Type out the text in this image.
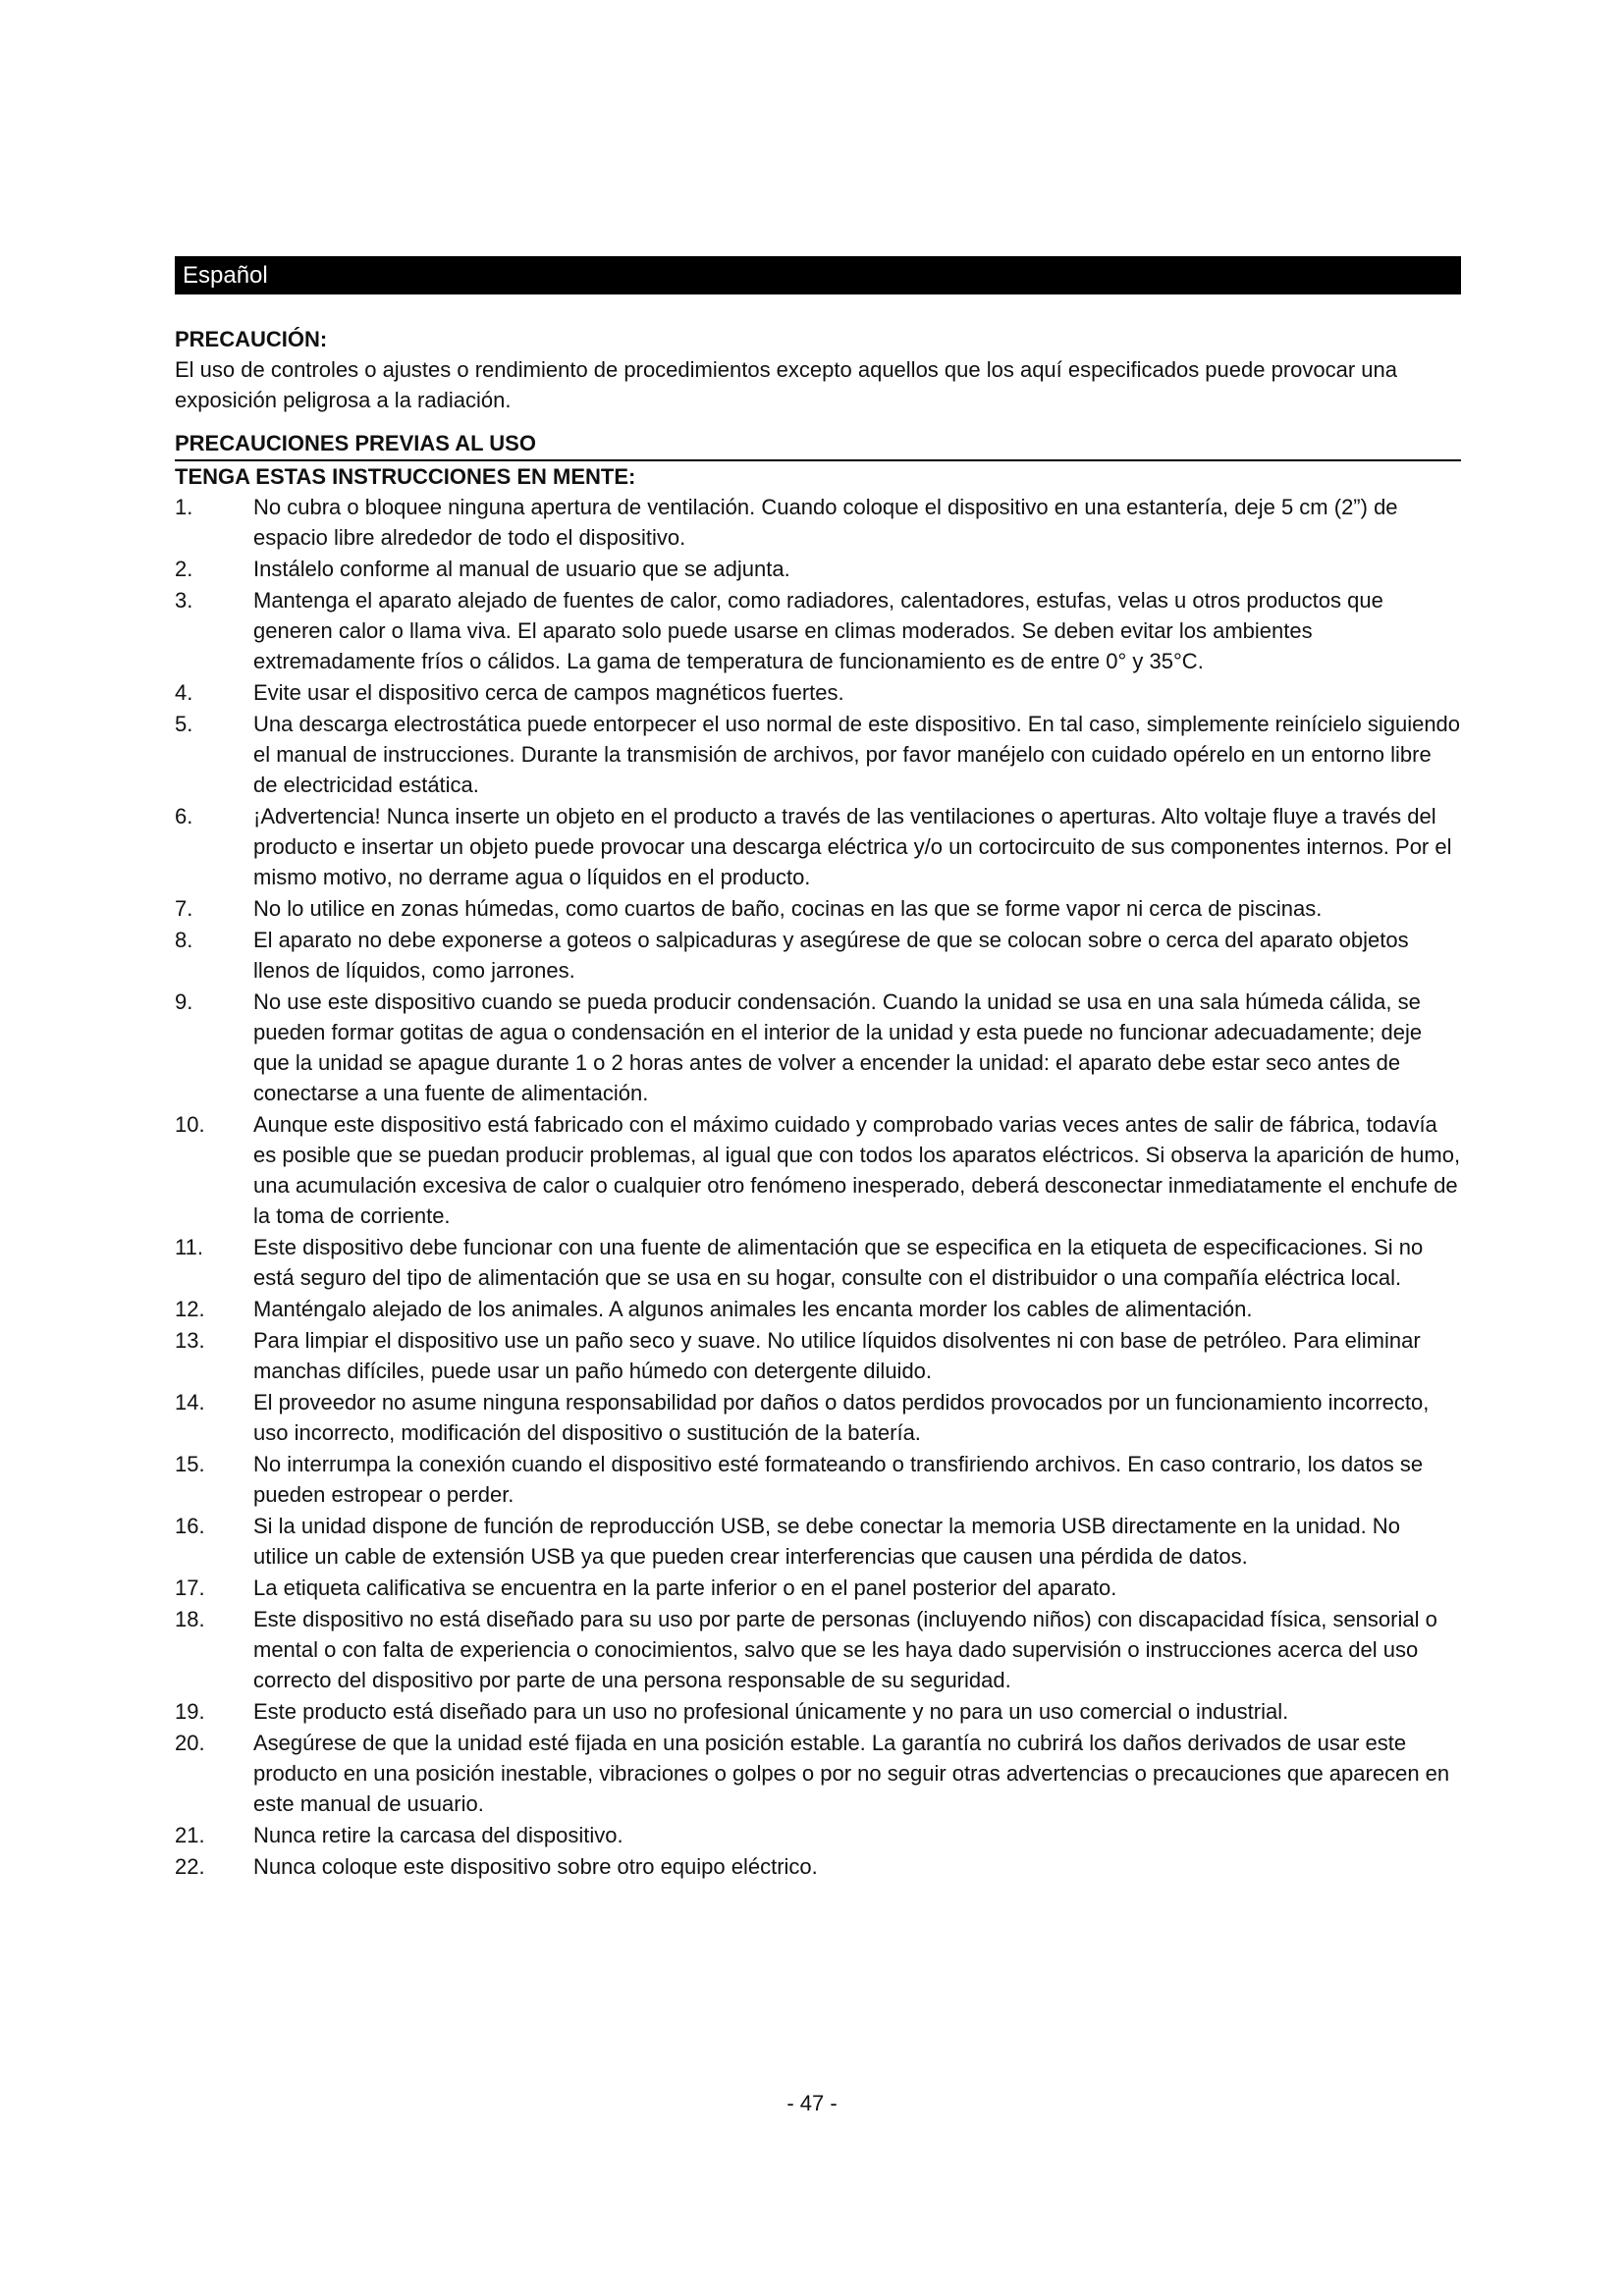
Español
PRECAUCIÓN:
El uso de controles o ajustes o rendimiento de procedimientos excepto aquellos que los aquí especificados puede provocar una exposición peligrosa a la radiación.
PRECAUCIONES PREVIAS AL USO
TENGA ESTAS INSTRUCCIONES EN MENTE:
1.	No cubra o bloquee ninguna apertura de ventilación. Cuando coloque el dispositivo en una estantería, deje 5 cm (2”) de espacio libre alrededor de todo el dispositivo.
2.	Instálelo conforme al manual de usuario que se adjunta.
3.	Mantenga el aparato alejado de fuentes de calor, como radiadores, calentadores, estufas, velas u otros productos que generen calor o llama viva. El aparato solo puede usarse en climas moderados. Se deben evitar los ambientes extremadamente fríos o cálidos. La gama de temperatura de funcionamiento es de entre 0° y 35°C.
4.	Evite usar el dispositivo cerca de campos magnéticos fuertes.
5.	Una descarga electrostática puede entorpecer el uso normal de este dispositivo. En tal caso, simplemente reinícielo siguiendo el manual de instrucciones. Durante la transmisión de archivos, por favor manéjelo con cuidado opérelo en un entorno libre de electricidad estática.
6.	¡Advertencia! Nunca inserte un objeto en el producto a través de las ventilaciones o aperturas. Alto voltaje fluye a través del producto e insertar un objeto puede provocar una descarga eléctrica y/o un cortocircuito de sus componentes internos. Por el mismo motivo, no derrame agua o líquidos en el producto.
7.	No lo utilice en zonas húmedas, como cuartos de baño, cocinas en las que se forme vapor ni cerca de piscinas.
8.	El aparato no debe exponerse a goteos o salpicaduras y asegúrese de que se colocan sobre o cerca del aparato objetos llenos de líquidos, como jarrones.
9.	No use este dispositivo cuando se pueda producir condensación. Cuando la unidad se usa en una sala húmeda cálida, se pueden formar gotitas de agua o condensación en el interior de la unidad y esta puede no funcionar adecuadamente; deje que la unidad se apague durante 1 o 2 horas antes de volver a encender la unidad: el aparato debe estar seco antes de conectarse a una fuente de alimentación.
10.	Aunque este dispositivo está fabricado con el máximo cuidado y comprobado varias veces antes de salir de fábrica, todavía es posible que se puedan producir problemas, al igual que con todos los aparatos eléctricos. Si observa la aparición de humo, una acumulación excesiva de calor o cualquier otro fenómeno inesperado, deberá desconectar inmediatamente el enchufe de la toma de corriente.
11.	Este dispositivo debe funcionar con una fuente de alimentación que se especifica en la etiqueta de especificaciones. Si no está seguro del tipo de alimentación que se usa en su hogar, consulte con el distribuidor o una compañía eléctrica local.
12.	Manténgalo alejado de los animales. A algunos animales les encanta morder los cables de alimentación.
13.	Para limpiar el dispositivo use un paño seco y suave. No utilice líquidos disolventes ni con base de petróleo. Para eliminar manchas difíciles, puede usar un paño húmedo con detergente diluido.
14.	El proveedor no asume ninguna responsabilidad por daños o datos perdidos provocados por un funcionamiento incorrecto, uso incorrecto, modificación del dispositivo o sustitución de la batería.
15.	No interrumpa la conexión cuando el dispositivo esté formateando o transfiriendo archivos. En caso contrario, los datos se pueden estropear o perder.
16.	Si la unidad dispone de función de reproducción USB, se debe conectar la memoria USB directamente en la unidad. No utilice un cable de extensión USB ya que pueden crear interferencias que causen una pérdida de datos.
17.	La etiqueta calificativa se encuentra en la parte inferior o en el panel posterior del aparato.
18.	Este dispositivo no está diseñado para su uso por parte de personas (incluyendo niños) con discapacidad física, sensorial o mental o con falta de experiencia o conocimientos, salvo que se les haya dado supervisión o instrucciones acerca del uso correcto del dispositivo por parte de una persona responsable de su seguridad.
19.	Este producto está diseñado para un uso no profesional únicamente y no para un uso comercial o industrial.
20.	Asegúrese de que la unidad esté fijada en una posición estable. La garantía no cubrirá los daños derivados de usar este producto en una posición inestable, vibraciones o golpes o por no seguir otras advertencias o precauciones que aparecen en este manual de usuario.
21.	Nunca retire la carcasa del dispositivo.
22.	Nunca coloque este dispositivo sobre otro equipo eléctrico.
- 47 -
